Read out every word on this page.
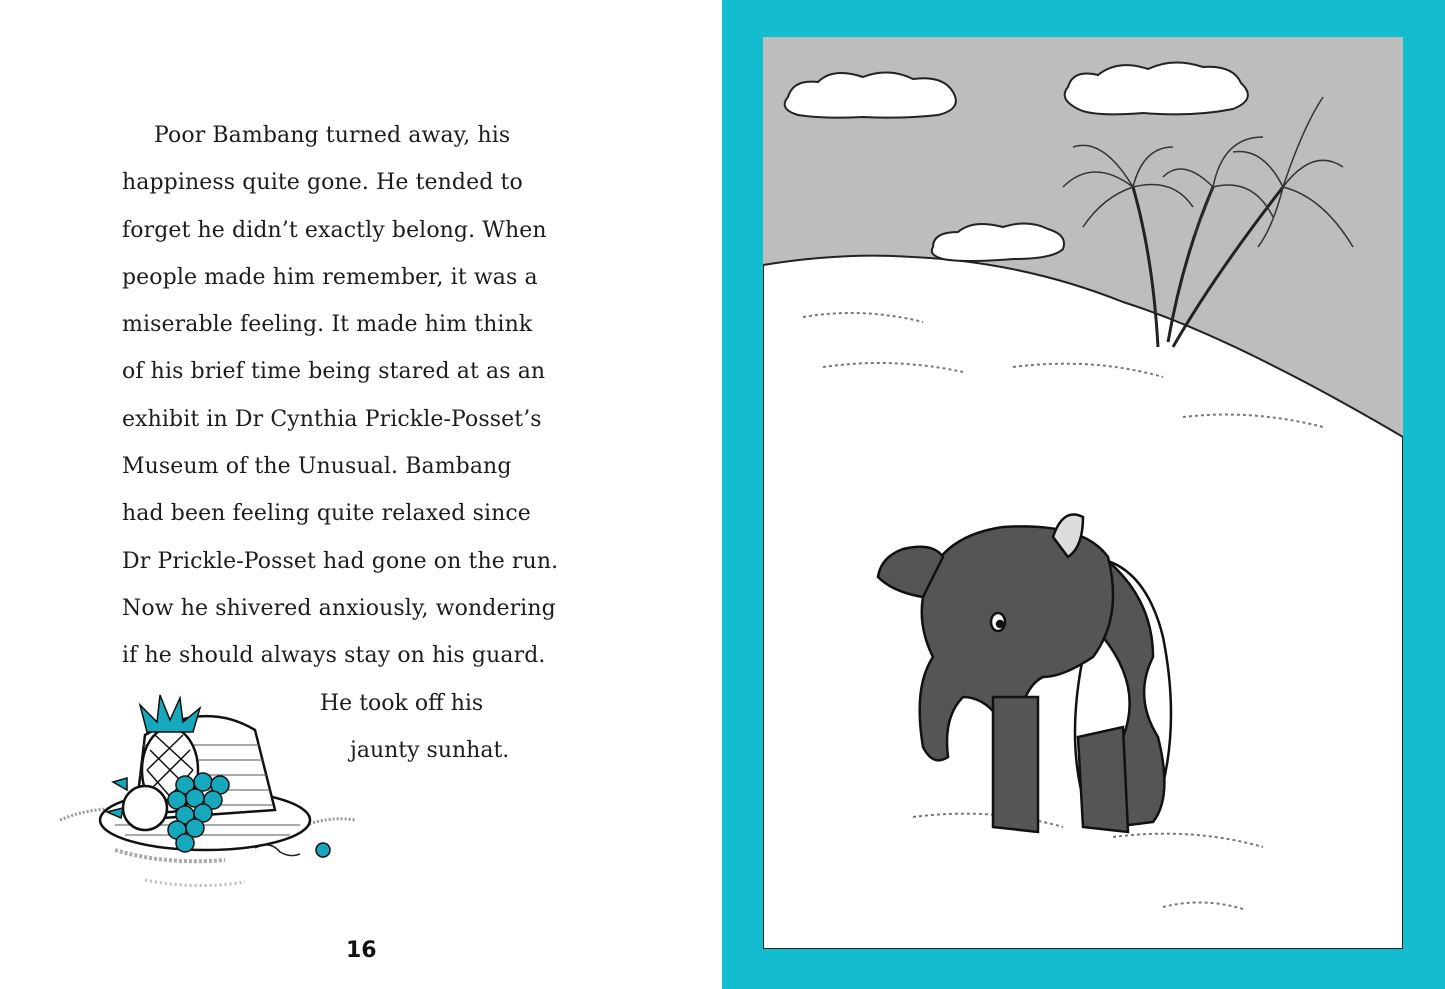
Poor Bambang turned away, his
happiness quite gone. He tended to
forget he didn’t exactly belong. When
people made him remember, it was a
miserable feeling. It made him think
of his brief time being stared at as an
exhibit in Dr Cynthia Prickle-Posset’s
Museum of the Unusual. Bambang
had been feeling quite relaxed since
Dr Prickle-Posset had gone on the run.
Now he shivered anxiously, wondering
if he should always stay on his guard.
He took off his
jaunty sunhat.
16
